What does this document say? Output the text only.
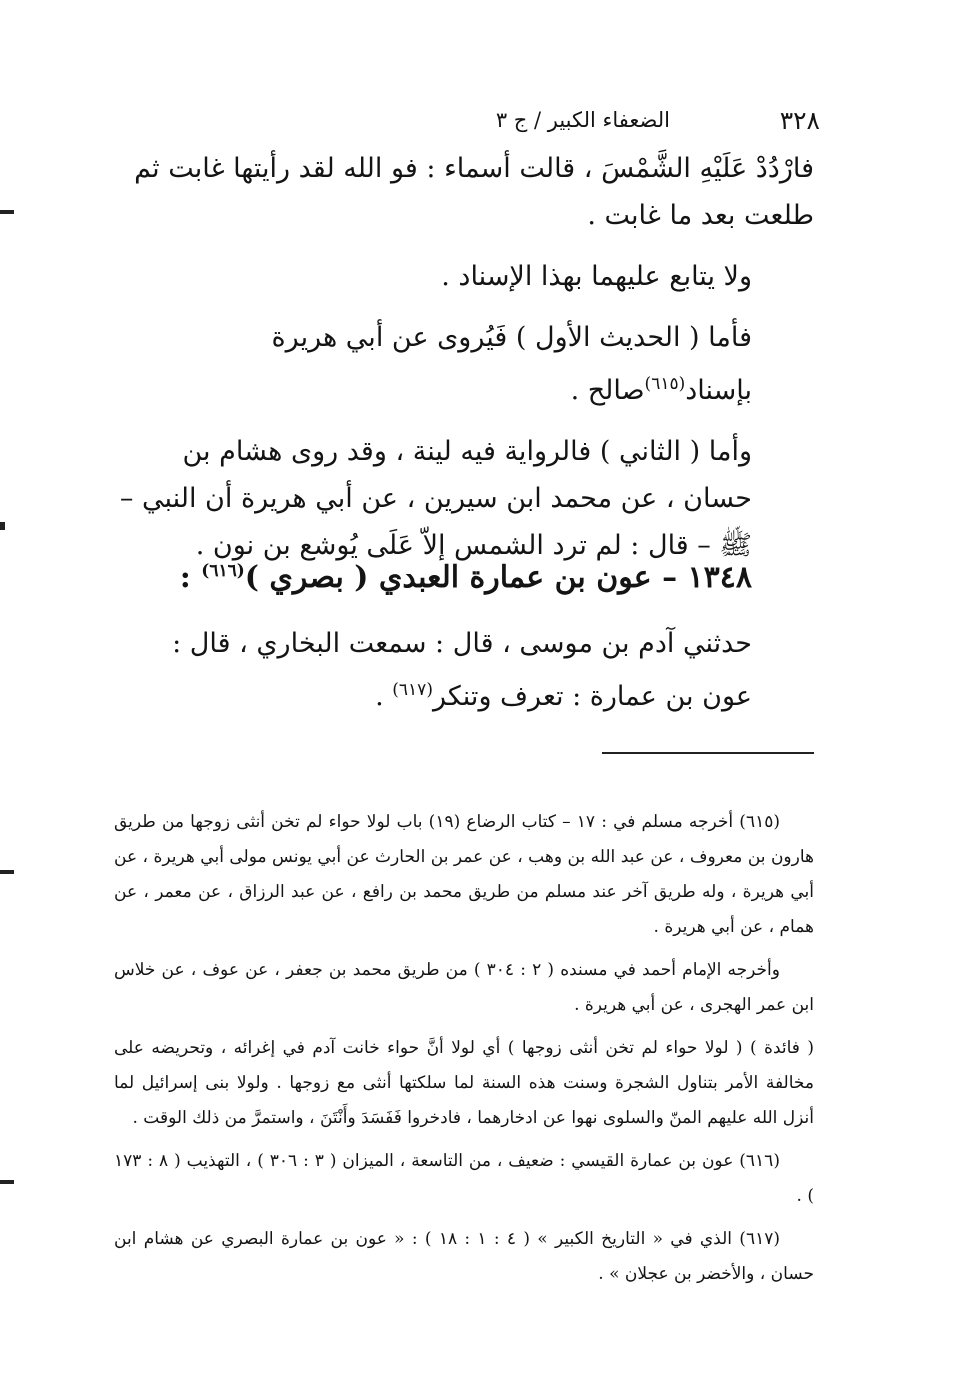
٣٢٨
الضعفاء الكبير / ج ٣

فارْدُدْ عَلَيْهِ الشَّمْسَ ، قالت أسماء : فو الله لقد رأيتها غابت ثم طلعت بعد ما غابت .

ولا يتابع عليهما بهذا الإسناد .

فأما ( الحديث الأول ) فَيُروى عن أبي هريرة بإسناد$^{(٦١٥)}$صالح .

وأما ( الثاني ) فالرواية فيه لينة ، وقد روى هشام بن حسان ، عن محمد ابن سيرين ، عن أبي هريرة أن النبي – ﷺ – قال : لم ترد الشمس إلاّ عَلَى يُوشع بن نون .

١٣٤٨ – عون بن عمارة العبدي ( بصري )$^{(٦١٦)}$ :

حدثني آدم بن موسى ، قال : سمعت البخاري ، قال : عون بن عمارة : تعرف وتنكر$^{(٦١٧)}$ .

(٦١٥) أخرجه مسلم في : ١٧ – كتاب الرضاع (١٩) باب لولا حواء لم تخن أنثى زوجها من طريق هارون بن معروف ، عن عبد الله بن وهب ، عن عمر بن الحارث عن أبي يونس مولى أبي هريرة ، عن أبي هريرة ، وله طريق آخر عند مسلم من طريق محمد بن رافع ، عن عبد الرزاق ، عن معمر ، عن همام ، عن أبي هريرة .

وأخرجه الإمام أحمد في مسنده ( ٢ : ٣٠٤ ) من طريق محمد بن جعفر ، عن عوف ، عن خلاس ابن عمر الهجرى ، عن أبي هريرة .

( فائدة ) ( لولا حواء لم تخن أنثى زوجها ) أي لولا أنَّ حواء خانت آدم في إغرائه ، وتحريضه على مخالفة الأمر بتناول الشجرة وسنت هذه السنة لما سلكتها أنثى مع زوجها . ولولا بنى إسرائيل لما أنزل الله عليهم المنّ والسلوى نهوا عن ادخارهما ، فادخروا فَفَسَدَ وأَنْتَنَ ، واستمرَّ من ذلك الوقت .

(٦١٦) عون بن عمارة القيسي : ضعيف ، من التاسعة ، الميزان ( ٣ : ٣٠٦ ) ، التهذيب ( ٨ : ١٧٣ ) .

(٦١٧) الذي في « التاريخ الكبير » ( ٤ : ١ : ١٨ ) : « عون بن عمارة البصري عن هشام ابن حسان ، والأخضر بن عجلان » .
